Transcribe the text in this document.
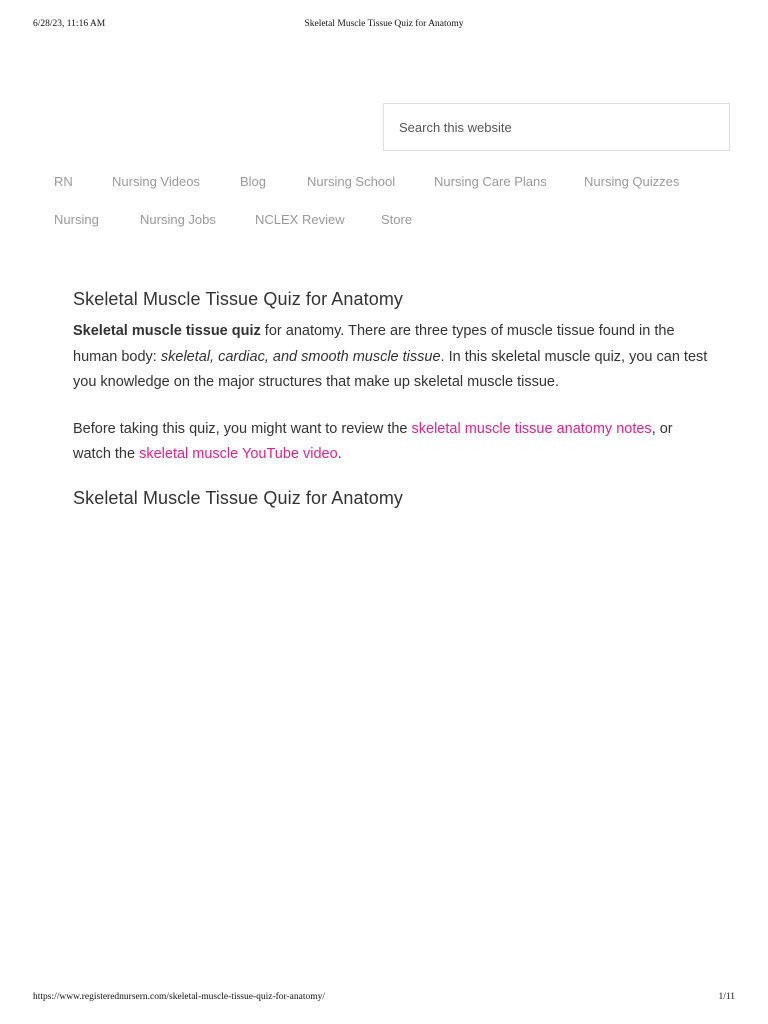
6/28/23, 11:16 AM	Skeletal Muscle Tissue Quiz for Anatomy
Search this website
RN	Nursing Videos	Blog	Nursing School	Nursing Care Plans	Nursing Quizzes
Nursing	Nursing Jobs	NCLEX Review	Store
Skeletal Muscle Tissue Quiz for Anatomy

Skeletal muscle tissue quiz for anatomy. There are three types of muscle tissue found in the human body: skeletal, cardiac, and smooth muscle tissue. In this skeletal muscle quiz, you can test you knowledge on the major structures that make up skeletal muscle tissue.

Before taking this quiz, you might want to review the skeletal muscle tissue anatomy notes, or watch the skeletal muscle YouTube video.

Skeletal Muscle Tissue Quiz for Anatomy
https://www.registerednursern.com/skeletal-muscle-tissue-quiz-for-anatomy/	1/11
